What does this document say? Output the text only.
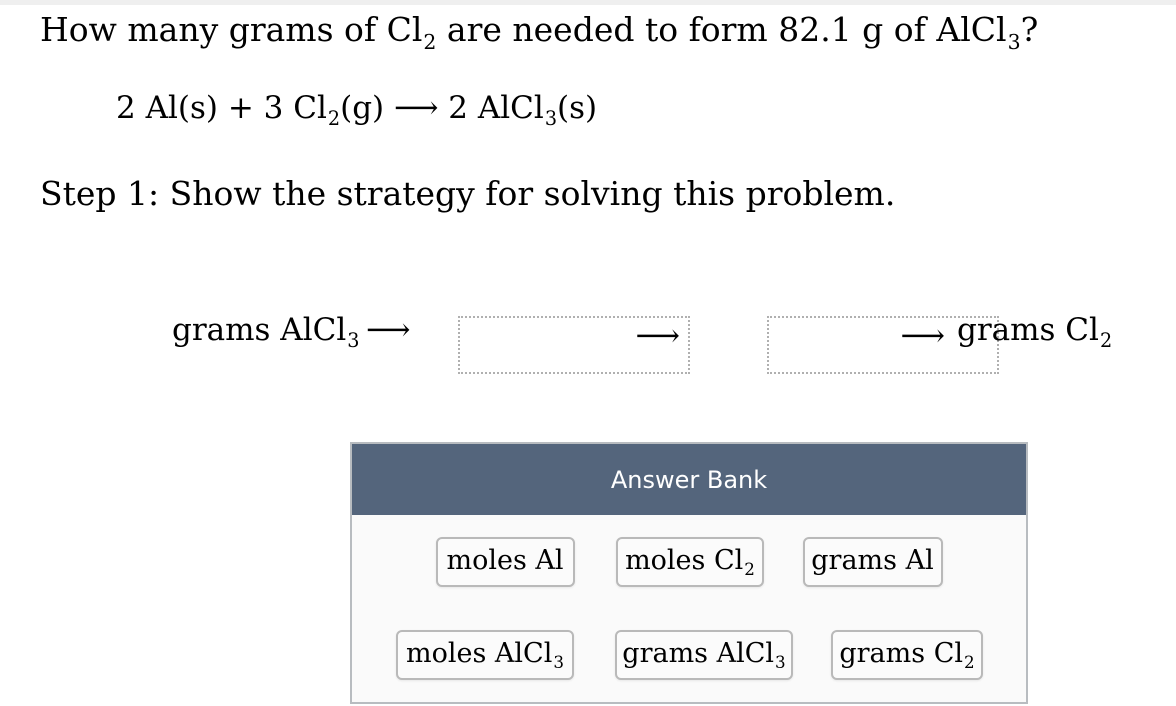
How many grams of $Cl_2$ are needed to form 82.1 g of AlCl$_3$?
2 Al(s) + 3 $Cl_2(g)$ ⟶ 2 AlCl$_3$(s)
Step 1: Show the strategy for solving this problem.
grams AlCl$_3$ ⟶	⟶	⟶ grams $Cl_2$
Answer Bank
moles Al	moles $Cl_2$	grams Al
moles AlCl$_3$	grams AlCl$_3$	grams $Cl_2$
